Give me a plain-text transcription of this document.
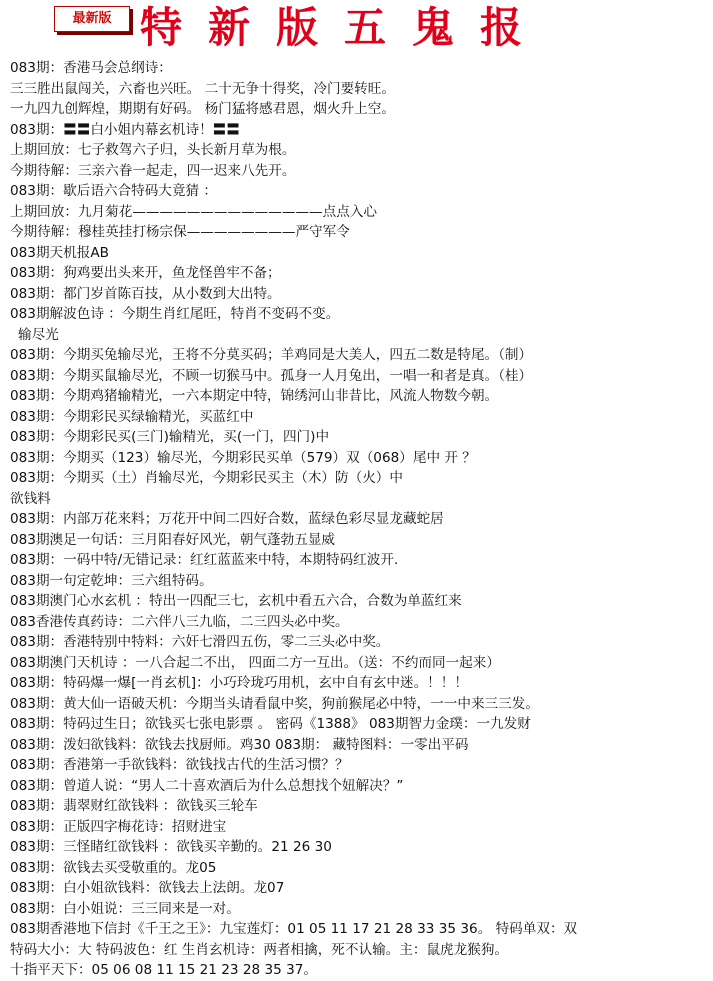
最新版 特新版五鬼报
083期：香港马会总纲诗：
三三胜出鼠闯关，六畜也兴旺。 二十无争十得奖，冷门要转旺。
一九四九创辉煌，期期有好码。 杨门猛将感君恩，烟火升上空。
083期：〓〓白小姐内幕玄机诗！〓〓
上期回放：七子救驾六子归，头长新月草为根。
今期待解：三亲六眷一起走，四一迟来八先开。
083期：歇后语六合特码大竟猜 ：
上期回放：九月菊花——————————————点点入心
今期待解：穆桂英挂打杨宗保————————严守军令
083期天机报AB
083期：狗鸡要出头来开，鱼龙怪兽牢不备；
083期：都门岁首陈百技，从小数到大出特。
083期解波色诗 ：今期生肖红尾旺，特肖不变码不变。
输尽光
083期：今期买兔输尽光，王将不分莫买码；羊鸡同是大美人，四五二数是特尾。（制）
083期：今期买鼠输尽光，不顾一切猴马中。孤身一人月兔出，一唱一和者是真。（桂）
083期：今期鸡猪输精光，一六本期定中特，锦绣河山非昔比，风流人物数今朝。
083期：今期彩民买绿输精光，买蓝红中
083期：今期彩民买(三门)输精光，买(一门，四门)中
083期：今期买（123）输尽光，今期彩民买单（579）双（068）尾中 开 ？
083期：今期买（土）肖输尽光，今期彩民买主（木）防（火）中
欲钱料
083期：内部万花来料；万花开中间二四好合数，蓝绿色彩尽显龙藏蛇居
083期澳足一句话：三月阳春好风光，朝气蓬勃五显威
083期：一码中特/无错记录：红红蓝蓝来中特，本期特码红波开.
083期一句定乾坤：三六组特码。
083期澳门心水玄机 ：特出一四配三七，玄机中看五六合，合数为单蓝红来
083香港传真药诗：二六伴八三九临，二三四头必中奖。
083期：香港特别中特料：六奸七滑四五伤，零二三头必中奖。
083期澳门天机诗 ：一八合起二不出， 四面二方一互出。（送：不约而同一起来）
083期：特码爆一爆[一肖玄机]：小巧玲珑巧用机，玄中自有玄中迷。！！！
083期：黄大仙一语破天机：今期当头请看鼠中奖，狗前猴尾必中特，一一中来三三发。
083期：特码过生日；欲钱买七张电影票 。 密码《1388》 083期智力金璞：一九发财
083期：泼妇欲钱料：欲钱去找厨师。鸡30 083期： 藏特图料：一零出平码
083期：香港第一手欲钱料：欲钱找古代的生活习惯？？
083期：曾道人说：“男人二十喜欢酒后为什么总想找个妞解决？”
083期：翡翠财红欲钱料 ：欲钱买三轮车
083期：正版四字梅花诗：招财进宝
083期：三怪睹红欲钱料 ：欲钱买辛勤的。21 26 30
083期：欲钱去买受敬重的。龙05
083期：白小姐欲钱料：欲钱去上法朗。龙07
083期：白小姐说：三三同来是一对。
083期香港地下信封《千王之王》：九宝莲灯：01 05 11 17 21 28 33 35 36。 特码单双：双
特码大小：大 特码波色：红 生肖玄机诗：两者相擒，死不认输。主：鼠虎龙猴狗。
十指平天下：05 06 08 11 15 21 23 28 35 37。
